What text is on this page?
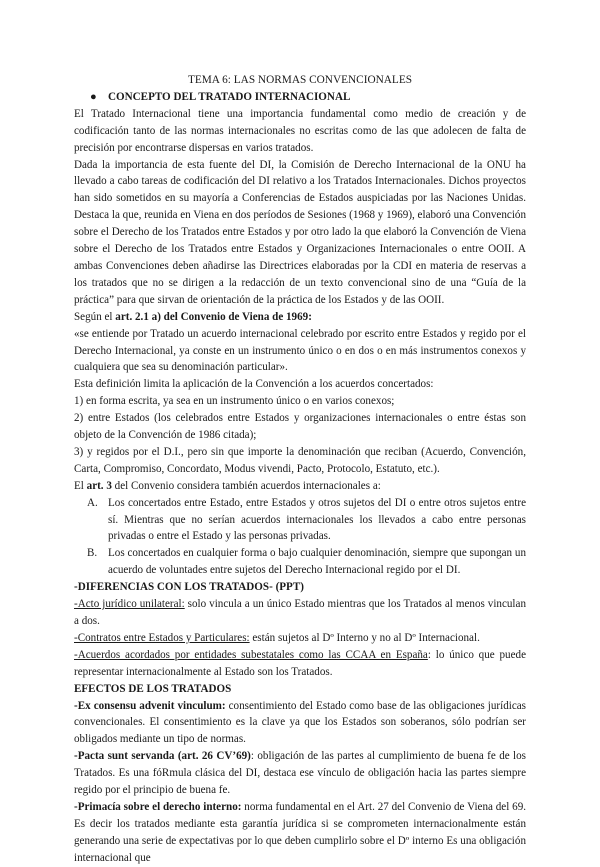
TEMA 6: LAS NORMAS CONVENCIONALES

● CONCEPTO DEL TRATADO INTERNACIONAL

El Tratado Internacional tiene una importancia fundamental como medio de creación y de codificación tanto de las normas internacionales no escritas como de las que adolecen de falta de precisión por encontrarse dispersas en varios tratados.

Dada la importancia de esta fuente del DI, la Comisión de Derecho Internacional de la ONU ha llevado a cabo tareas de codificación del DI relativo a los Tratados Internacionales. Dichos proyectos han sido sometidos en su mayoría a Conferencias de Estados auspiciadas por las Naciones Unidas. Destaca la que, reunida en Viena en dos períodos de Sesiones (1968 y 1969), elaboró una Convención sobre el Derecho de los Tratados entre Estados y por otro lado la que elaboró la Convención de Viena sobre el Derecho de los Tratados entre Estados y Organizaciones Internacionales o entre OOII. A ambas Convenciones deben añadirse las Directrices elaboradas por la CDI en materia de reservas a los tratados que no se dirigen a la redacción de un texto convencional sino de una “Guía de la práctica” para que sirvan de orientación de la práctica de los Estados y de las OOII.

Según el art. 2.1 a) del Convenio de Viena de 1969:

«se entiende por Tratado un acuerdo internacional celebrado por escrito entre Estados y regido por el Derecho Internacional, ya conste en un instrumento único o en dos o en más instrumentos conexos y cualquiera que sea su denominación particular».

Esta definición limita la aplicación de la Convención a los acuerdos concertados:

1) en forma escrita, ya sea en un instrumento único o en varios conexos;

2) entre Estados (los celebrados entre Estados y organizaciones internacionales o entre éstas son objeto de la Convención de 1986 citada);

3) y regidos por el D.I., pero sin que importe la denominación que reciban (Acuerdo, Convención, Carta, Compromiso, Concordato, Modus vivendi, Pacto, Protocolo, Estatuto, etc.).

El art. 3 del Convenio considera también acuerdos internacionales a:

A. Los concertados entre Estado, entre Estados y otros sujetos del DI o entre otros sujetos entre sí. Mientras que no serían acuerdos internacionales los llevados a cabo entre personas privadas o entre el Estado y las personas privadas.

B. Los concertados en cualquier forma o bajo cualquier denominación, siempre que supongan un acuerdo de voluntades entre sujetos del Derecho Internacional regido por el DI.

-DIFERENCIAS CON LOS TRATADOS- (PPT)

-Acto jurídico unilateral: solo vincula a un único Estado mientras que los Tratados al menos vinculan a dos.

-Contratos entre Estados y Particulares: están sujetos al Dº Interno y no al Dº Internacional.

-Acuerdos acordados por entidades subestatales como las CCAA en España: lo único que puede representar internacionalmente al Estado son los Tratados.

EFECTOS DE LOS TRATADOS

-Ex consensu advenit vinculum: consentimiento del Estado como base de las obligaciones jurídicas convencionales. El consentimiento es la clave ya que los Estados son soberanos, sólo podrían ser obligados mediante un tipo de normas.

-Pacta sunt servanda (art. 26 CV’69): obligación de las partes al cumplimiento de buena fe de los Tratados. Es una fóRmula clásica del DI, destaca ese vínculo de obligación hacia las partes siempre regido por el principio de buena fe.

-Primacía sobre el derecho interno: norma fundamental en el Art. 27 del Convenio de Viena del 69. Es decir los tratados mediante esta garantía jurídica si se comprometen internacionalmente están generando una serie de expectativas por lo que deben cumplirlo sobre el Dº interno Es una obligación internacional que
